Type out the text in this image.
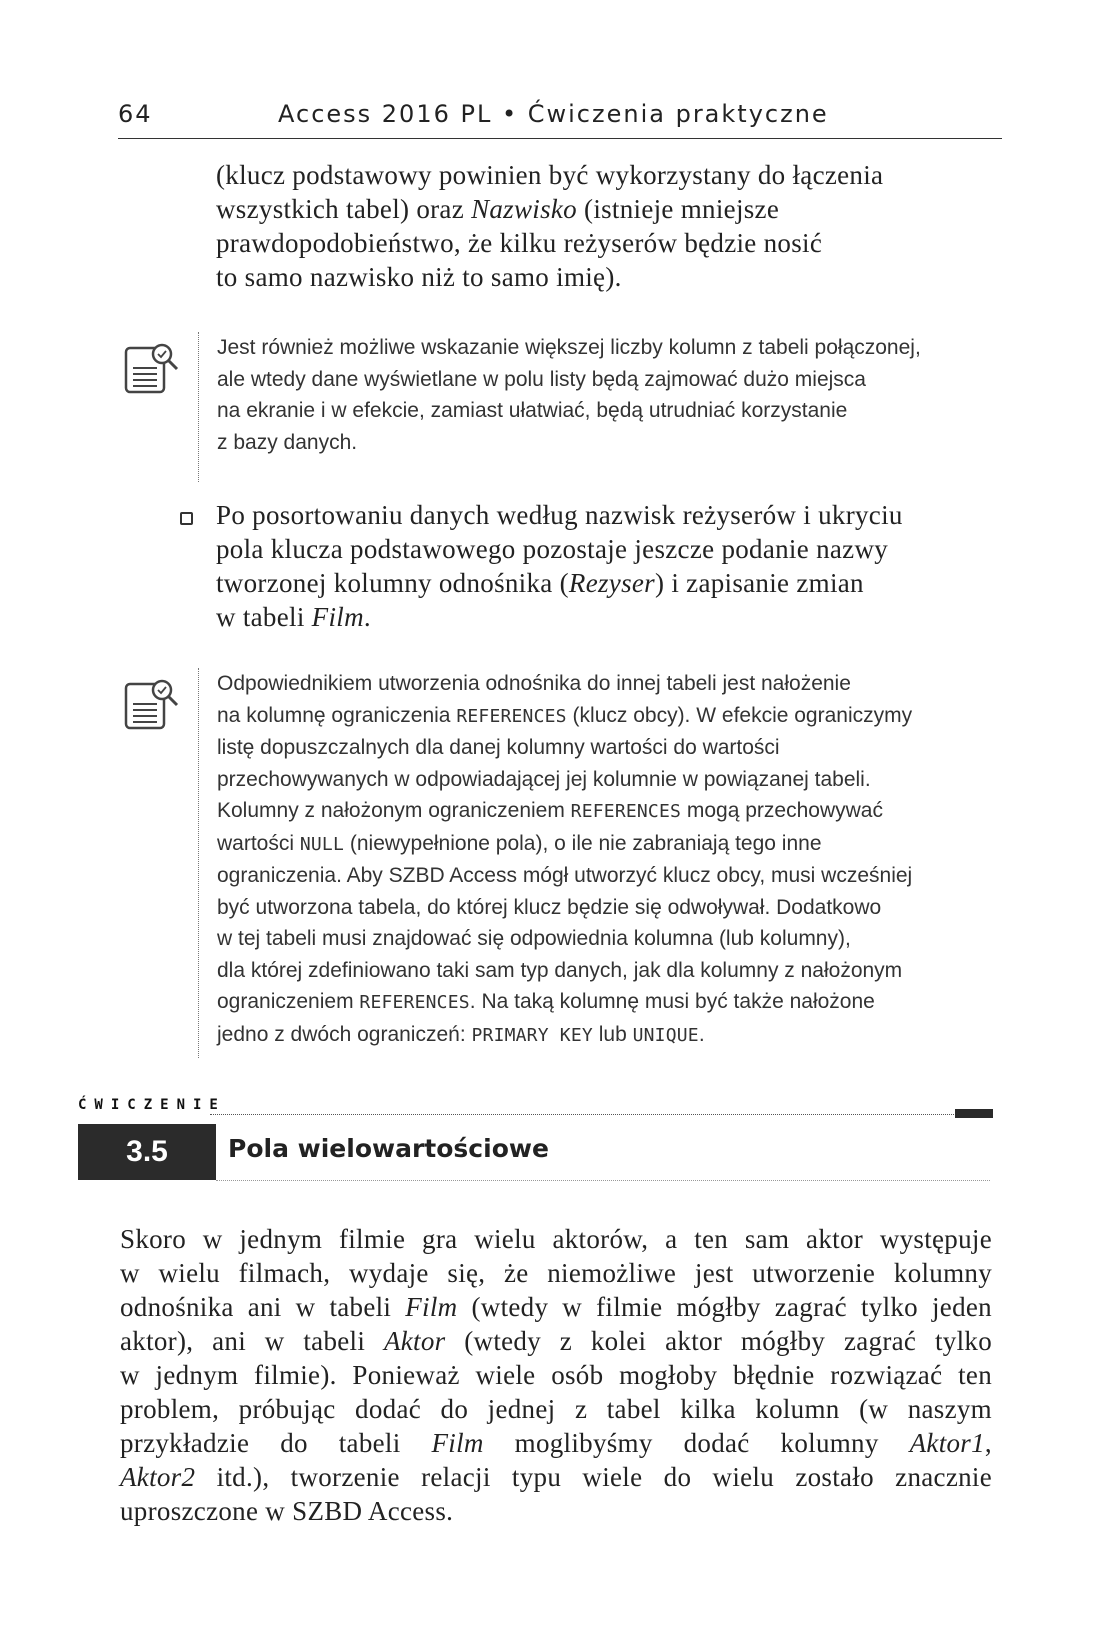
64	Access 2016 PL • Ćwiczenia praktyczne
(klucz podstawowy powinien być wykorzystany do łączenia
wszystkich tabel) oraz Nazwisko (istnieje mniejsze
prawdopodobieństwo, że kilku reżyserów będzie nosić
to samo nazwisko niż to samo imię).
Jest również możliwe wskazanie większej liczby kolumn z tabeli połączonej,
ale wtedy dane wyświetlane w polu listy będą zajmować dużo miejsca
na ekranie i w efekcie, zamiast ułatwiać, będą utrudniać korzystanie
z bazy danych.
Po posortowaniu danych według nazwisk reżyserów i ukryciu
pola klucza podstawowego pozostaje jeszcze podanie nazwy
tworzonej kolumny odnośnika (Rezyser) i zapisanie zmian
w tabeli Film.
Odpowiednikiem utworzenia odnośnika do innej tabeli jest nałożenie
na kolumnę ograniczenia REFERENCES (klucz obcy). W efekcie ograniczymy
listę dopuszczalnych dla danej kolumny wartości do wartości
przechowywanych w odpowiadającej jej kolumnie w powiązanej tabeli.
Kolumny z nałożonym ograniczeniem REFERENCES mogą przechowywać
wartości NULL (niewypełnione pola), o ile nie zabraniają tego inne
ograniczenia. Aby SZBD Access mógł utworzyć klucz obcy, musi wcześniej
być utworzona tabela, do której klucz będzie się odwoływał. Dodatkowo
w tej tabeli musi znajdować się odpowiednia kolumna (lub kolumny),
dla której zdefiniowano taki sam typ danych, jak dla kolumny z nałożonym
ograniczeniem REFERENCES. Na taką kolumnę musi być także nałożone
jedno z dwóch ograniczeń: PRIMARY KEY lub UNIQUE.
ĆWICZENIE
3.5	Pola wielowartościowe
Skoro w jednym filmie gra wielu aktorów, a ten sam aktor występuje
w wielu filmach, wydaje się, że niemożliwe jest utworzenie kolumny
odnośnika ani w tabeli Film (wtedy w filmie mógłby zagrać tylko jeden
aktor), ani w tabeli Aktor (wtedy z kolei aktor mógłby zagrać tylko
w jednym filmie). Ponieważ wiele osób mogłoby błędnie rozwiązać ten
problem, próbując dodać do jednej z tabel kilka kolumn (w naszym
przykładzie do tabeli Film moglibyśmy dodać kolumny Aktor1,
Aktor2 itd.), tworzenie relacji typu wiele do wielu zostało znacznie
uproszczone w SZBD Access.
